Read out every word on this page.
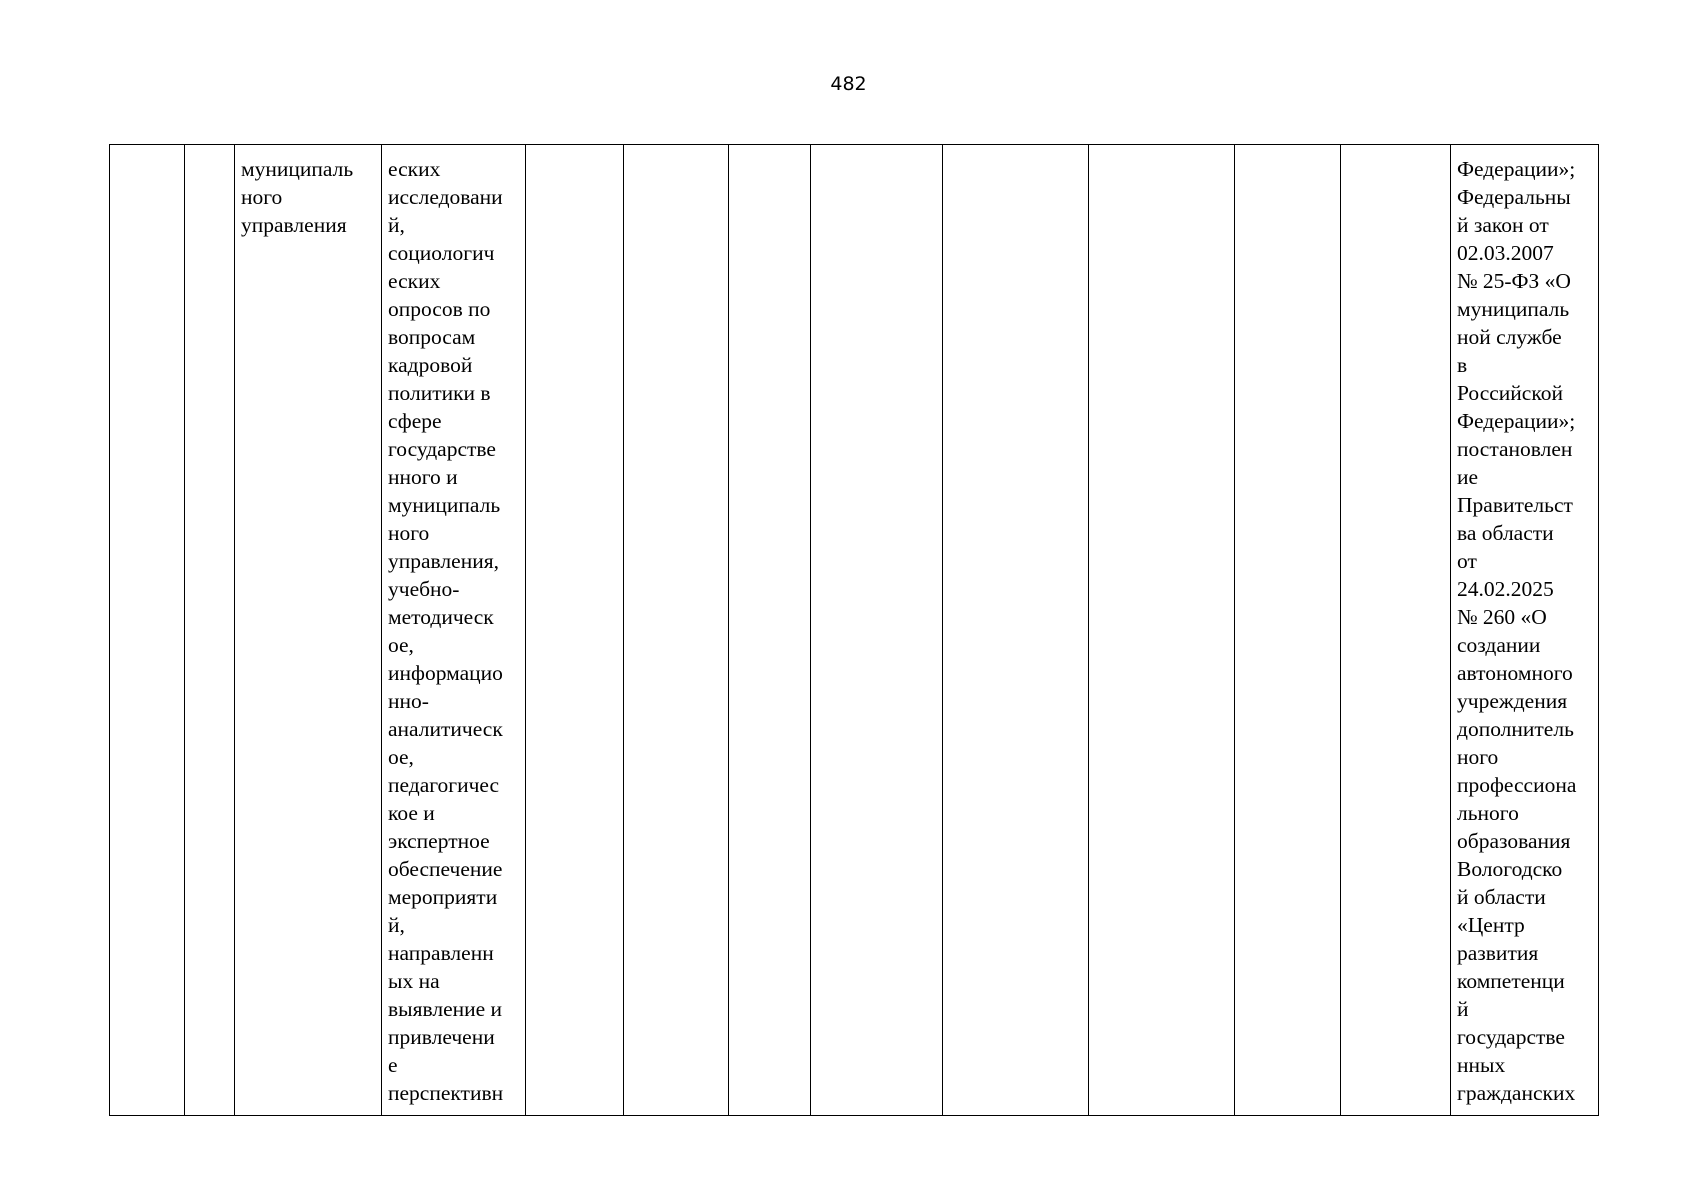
482
		муниципаль
ного
управления	еских
исследовани
й,
социологич
еских
опросов по
вопросам
кадровой
политики в
сфере
государстве
нного и
муниципаль
ного
управления,
учебно-
методическ
ое,
информацио
нно-
аналитическ
ое,
педагогичес
кое и
экспертное
обеспечение
мероприяти
й,
направленн
ых на
выявление и
привлечени
е
перспективн									Федерации»;
Федеральны
й закон от
02.03.2007
№ 25-ФЗ «О
муниципаль
ной службе
в
Российской
Федерации»;
постановлен
ие
Правительст
ва области
от
24.02.2025
№ 260 «О
создании
автономного
учреждения
дополнитель
ного
профессиона
льного
образования
Вологодско
й области
«Центр
развития
компетенци
й
государстве
нных
гражданских
